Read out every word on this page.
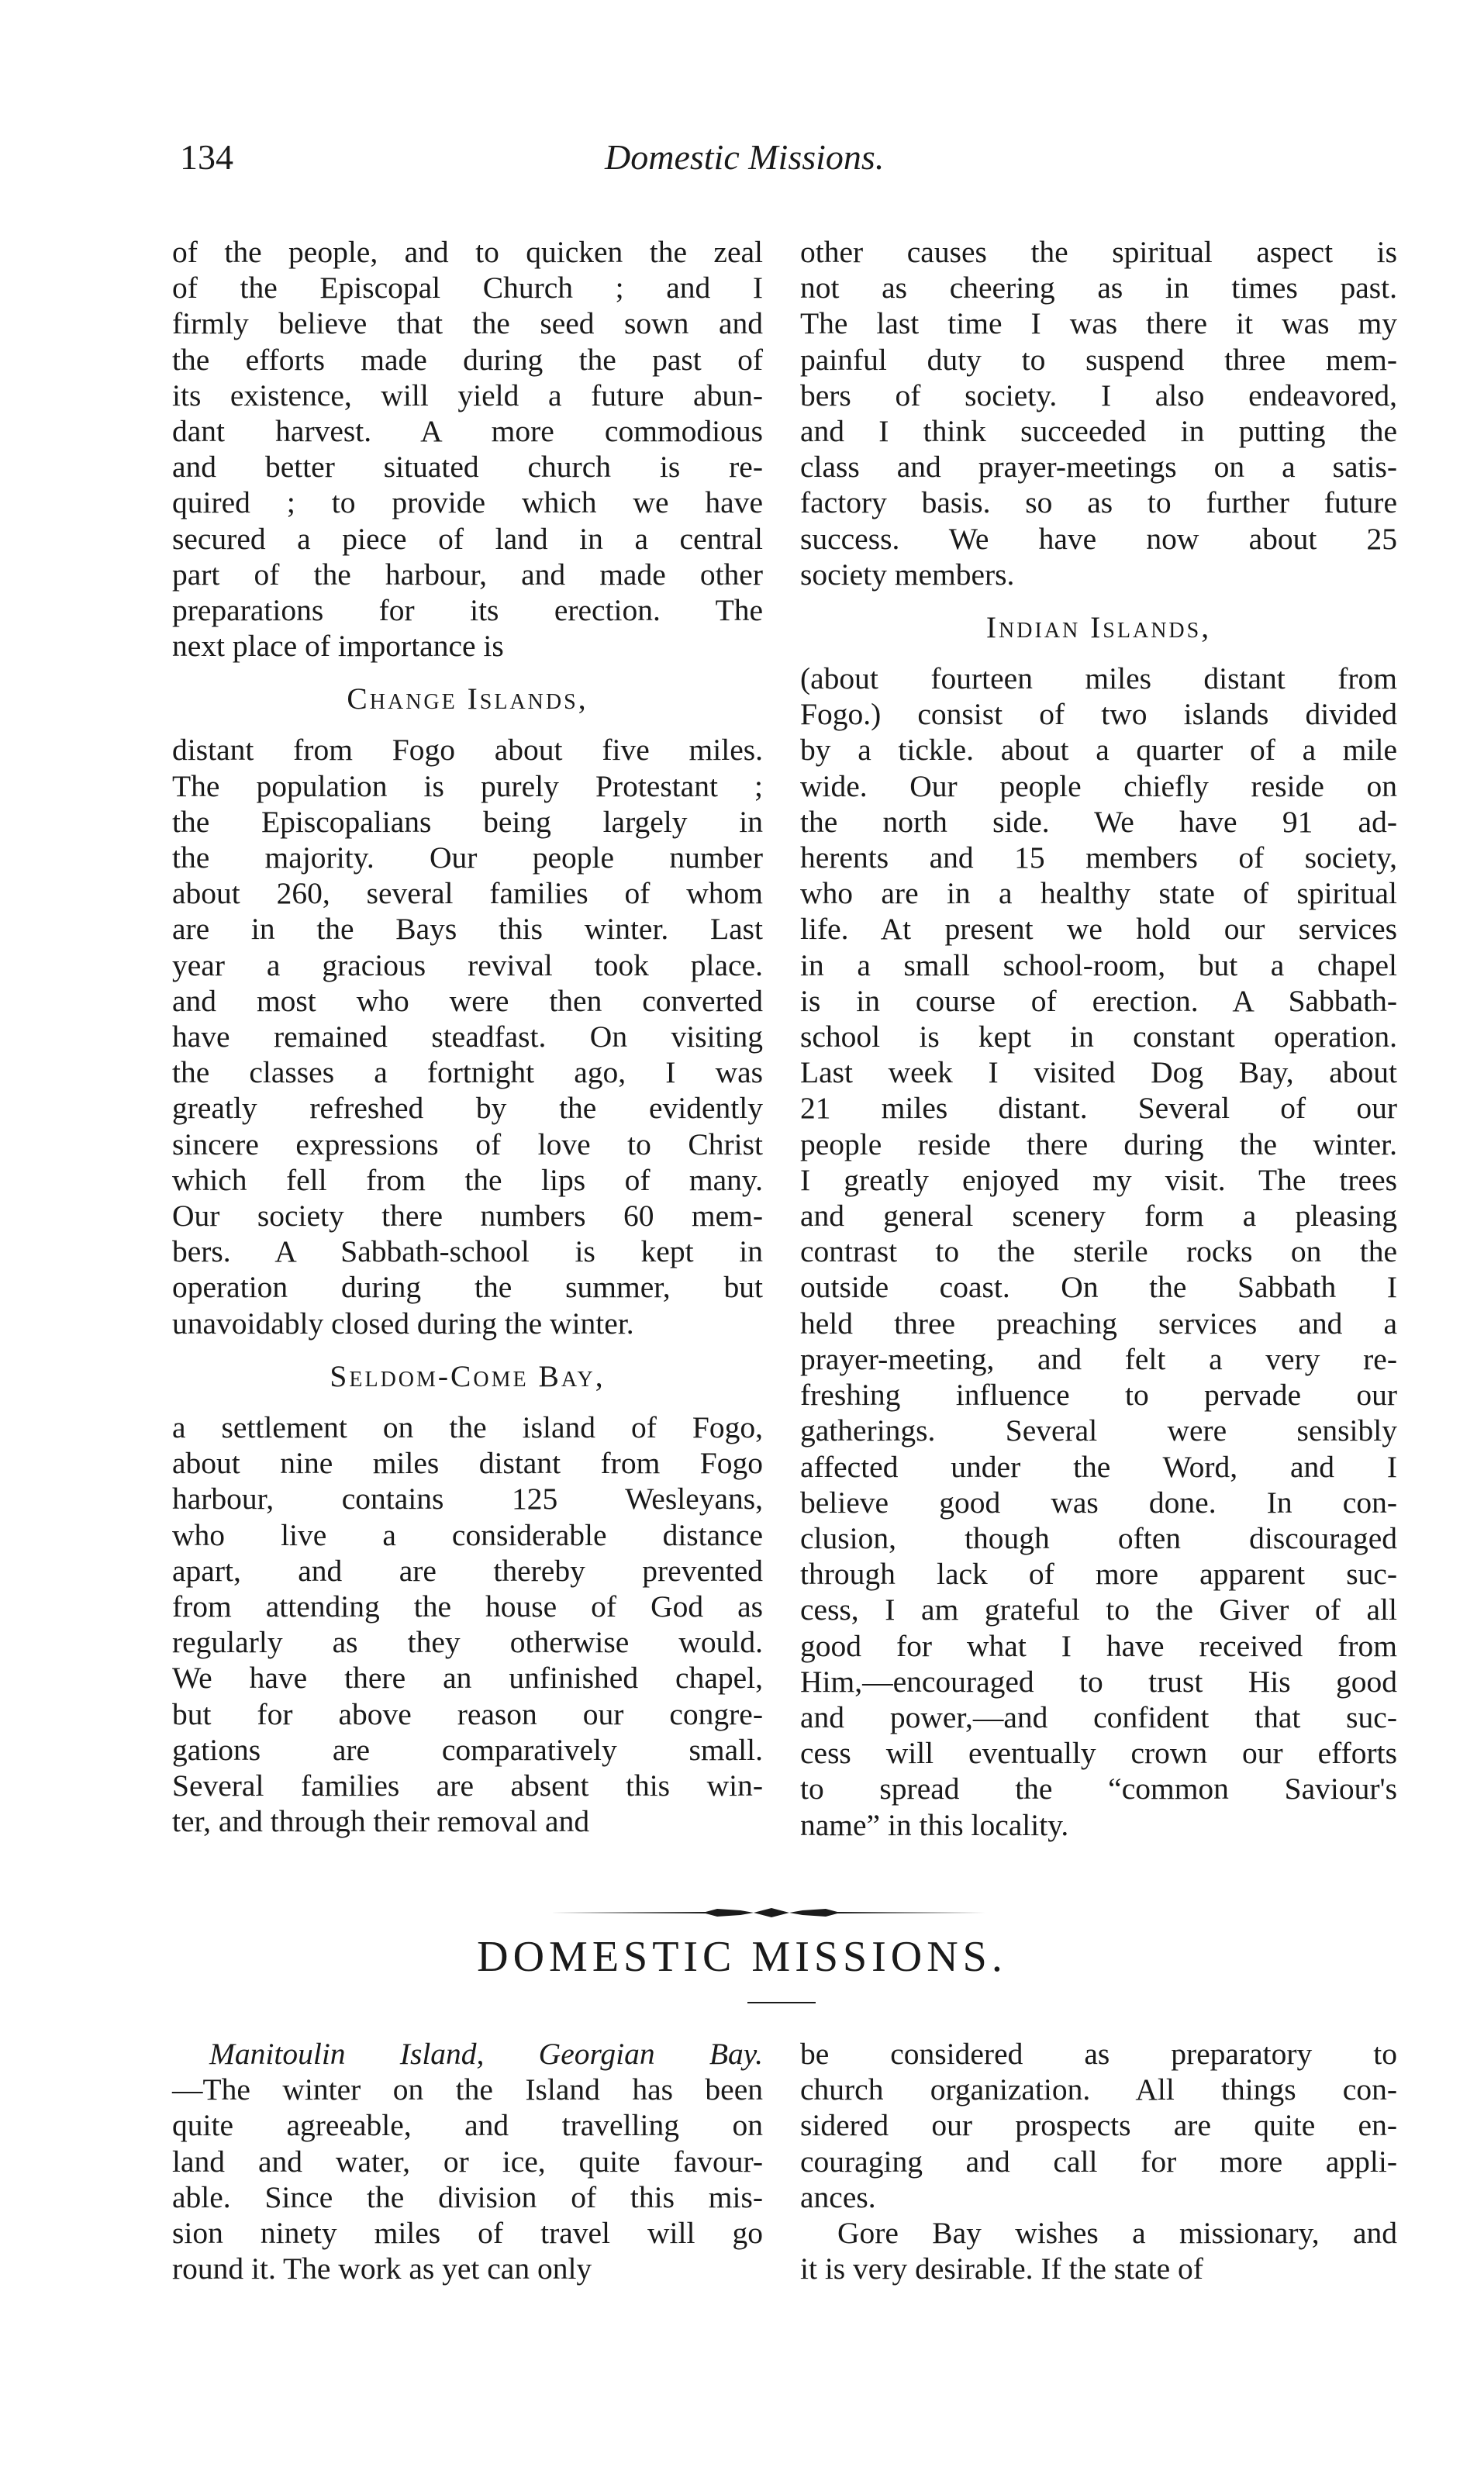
134	Domestic Missions.

of the people, and to quicken the zeal
of the Episcopal Church ; and I
firmly believe that the seed sown and
the efforts made during the past of
its existence, will yield a future abun-
dant harvest. A more commodious
and better situated church is re-
quired ; to provide which we have
secured a piece of land in a central
part of the harbour, and made other
preparations for its erection. The
next place of importance is

Change Islands,

distant from Fogo about five miles.
The population is purely Protestant ;
the Episcopalians being largely in
the majority. Our people number
about 260, several families of whom
are in the Bays this winter. Last
year a gracious revival took place.
and most who were then converted
have remained steadfast. On visiting
the classes a fortnight ago, I was
greatly refreshed by the evidently
sincere expressions of love to Christ
which fell from the lips of many.
Our society there numbers 60 mem-
bers. A Sabbath-school is kept in
operation during the summer, but
unavoidably closed during the winter.

Seldom-Come Bay,

a settlement on the island of Fogo,
about nine miles distant from Fogo
harbour, contains 125 Wesleyans,
who live a considerable distance
apart, and are thereby prevented
from attending the house of God as
regularly as they otherwise would.
We have there an unfinished chapel,
but for above reason our congre-
gations are comparatively small.
Several families are absent this win-
ter, and through their removal and

other causes the spiritual aspect is
not as cheering as in times past.
The last time I was there it was my
painful duty to suspend three mem-
bers of society. I also endeavored,
and I think succeeded in putting the
class and prayer-meetings on a satis-
factory basis. so as to further future
success. We have now about 25
society members.

Indian Islands,

(about fourteen miles distant from
Fogo.) consist of two islands divided
by a tickle. about a quarter of a mile
wide. Our people chiefly reside on
the north side. We have 91 ad-
herents and 15 members of society,
who are in a healthy state of spiritual
life. At present we hold our services
in a small school-room, but a chapel
is in course of erection. A Sabbath-
school is kept in constant operation.
Last week I visited Dog Bay, about
21 miles distant. Several of our
people reside there during the winter.
I greatly enjoyed my visit. The trees
and general scenery form a pleasing
contrast to the sterile rocks on the
outside coast. On the Sabbath I
held three preaching services and a
prayer-meeting, and felt a very re-
freshing influence to pervade our
gatherings. Several were sensibly
affected under the Word, and I
believe good was done. In con-
clusion, though often discouraged
through lack of more apparent suc-
cess, I am grateful to the Giver of all
good for what I have received from
Him,—encouraged to trust His good
and power,—and confident that suc-
cess will eventually crown our efforts
to spread the “common Saviour's
name” in this locality.

DOMESTIC MISSIONS.

Manitoulin Island, Georgian Bay.
—The winter on the Island has been
quite agreeable, and travelling on
land and water, or ice, quite favour-
able. Since the division of this mis-
sion ninety miles of travel will go
round it. The work as yet can only

be considered as preparatory to
church organization. All things con-
sidered our prospects are quite en-
couraging and call for more appli-
ances.

Gore Bay wishes a missionary, and
it is very desirable. If the state of
